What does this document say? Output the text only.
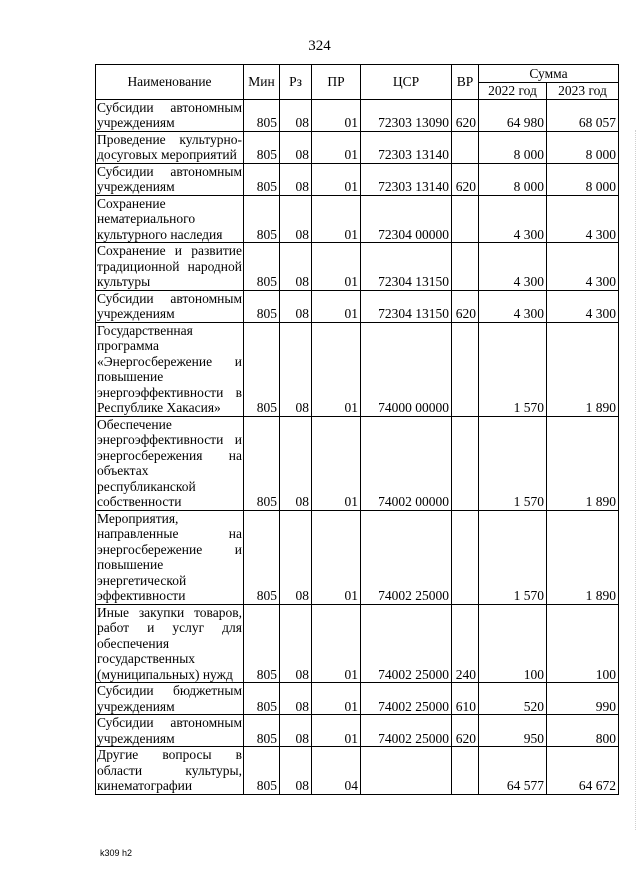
324
Наименование	Мин	Рз	ПР	ЦСР	ВР	Сумма	
						2022 год	2023 год
Субсидии автономным учреждениям	805	08	01	72303 13090	620	64 980	68 057
Проведение культурно-досуговых мероприятий	805	08	01	72303 13140		8 000	8 000
Субсидии автономным учреждениям	805	08	01	72303 13140	620	8 000	8 000
Сохранение нематериального культурного наследия	805	08	01	72304 00000		4 300	4 300
Сохранение и развитие традиционной народной культуры	805	08	01	72304 13150		4 300	4 300
Субсидии автономным учреждениям	805	08	01	72304 13150	620	4 300	4 300
Государственная программа «Энергосбережение и повышение энергоэффективности в Республике Хакасия»	805	08	01	74000 00000		1 570	1 890
Обеспечение энергоэффективности и энергосбережения на объектах республиканской собственности	805	08	01	74002 00000		1 570	1 890
Мероприятия, направленные на энергосбережение и повышение энергетической эффективности	805	08	01	74002 25000		1 570	1 890
Иные закупки товаров, работ и услуг для обеспечения государственных (муниципальных) нужд	805	08	01	74002 25000	240	100	100
Субсидии бюджетным учреждениям	805	08	01	74002 25000	610	520	990
Субсидии автономным учреждениям	805	08	01	74002 25000	620	950	800
Другие вопросы в области культуры, кинематографии	805	08	04			64 577	64 672
k309 h2
